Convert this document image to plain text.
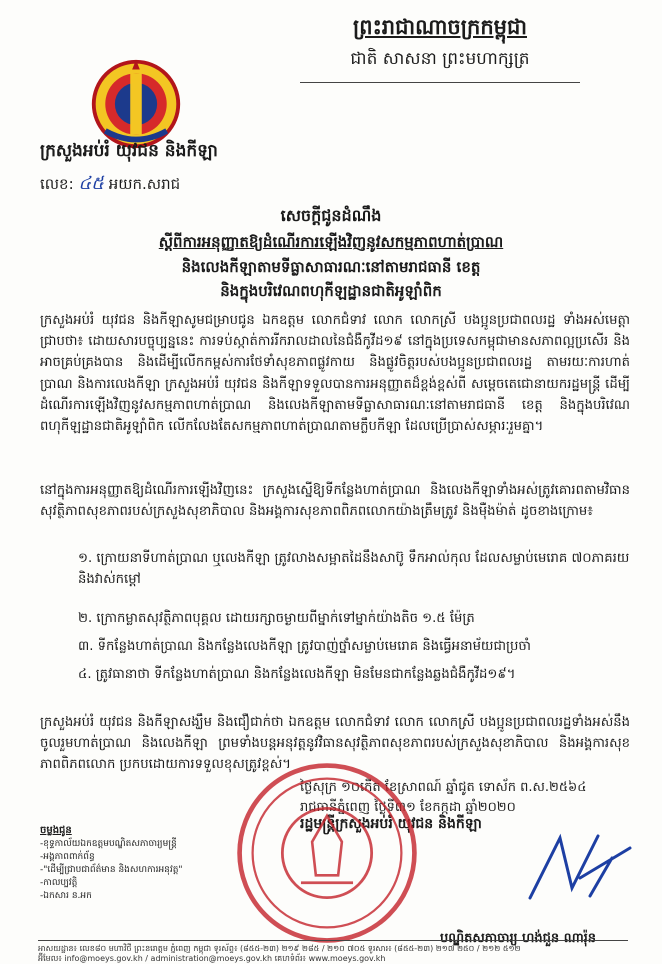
ព្រះរាជាណាចក្រកម្ពុជា
ជាតិ សាសនា ព្រះមហាក្សត្រ
ក្រសួងអប់រំ យុវជន និងកីឡា
លេខ: ៤៥ អយក.សរាជ
សេចក្តីជូនដំណឹង
ស្តីពីការអនុញ្ញាតឱ្យដំណើរការឡើងវិញនូវសកម្មភាពហាត់ប្រាណ
និងលេងកីឡាតាមទីធ្លាសាធារណៈនៅតាមរាជធានី ខេត្ត
និងក្នុងបរិវេណពហុកីឡដ្ឋានជាតិអូឡាំពិក
ក្រសួងអប់រំ យុវជន និងកីឡាសូមជម្រាបជូន ឯកឧត្តម លោកជំទាវ លោក លោកស្រី បងប្អូនប្រជាពលរដ្ឋ ទាំងអស់មេត្តាជ្រាបថា៖ ដោយសារបច្ចុប្បន្ននេះ ការទប់ស្កាត់ការរីករាលដាលនៃជំងឺកូវីដ១៩ នៅក្នុងប្រទេសកម្ពុជាមានសភាពល្អប្រសើរ និងអាចគ្រប់គ្រងបាន និងដើម្បីលើកកម្ពស់ការថែទាំសុខភាពផ្លូវកាយ និងផ្លូវចិត្តរបស់បងប្អូនប្រជាពលរដ្ឋ តាមរយៈការហាត់ប្រាណ និងការលេងកីឡា ក្រសួងអប់រំ យុវជន និងកីឡាទទួលបានការអនុញ្ញាតដ៏ខ្ពង់ខ្ពស់ពី សម្តេចតេជោនាយករដ្ឋមន្ត្រី ដើម្បីដំណើរការឡើងវិញនូវសកម្មភាពហាត់ប្រាណ និងលេងកីឡាតាមទីធ្លាសាធារណៈនៅតាមរាជធានី ខេត្ត និងក្នុងបរិវេណពហុកីឡដ្ឋានជាតិអូឡាំពិក លើកលែងតែសកម្មភាពហាត់ប្រាណតាមក្លឹបកីឡា ដែលប្រើប្រាស់សម្ភារៈរួមគ្នា។
នៅក្នុងការអនុញ្ញាតឱ្យដំណើរការឡើងវិញនេះ ក្រសួងស្នើឱ្យទីកន្លែងហាត់ប្រាណ និងលេងកីឡាទាំងអស់ត្រូវគោរពតាមវិធានសុវត្ថិភាពសុខភាពរបស់ក្រសួងសុខាភិបាល និងអង្គការសុខភាពពិភពលោកយ៉ាងត្រឹមត្រូវ និងម៉ឺងម៉ាត់ ដូចខាងក្រោម៖
១. ក្រោយនាទីហាត់ប្រាណ ឬលេងកីឡា ត្រូវលាងសម្អាតដៃនឹងសាប៊ូ ទឹកអាល់កុល ដែលសម្លាប់មេរោគ ៧០ភាគរយ និងវាស់កម្តៅ
២. ក្រោកម្លាតសុវត្ថិភាពបុគ្គល ដោយរក្សាចម្ងាយពីម្នាក់ទៅម្នាក់យ៉ាងតិច ១.៥ ម៉ែត្រ
៣. ទីកន្លែងហាត់ប្រាណ និងកន្លែងលេងកីឡា ត្រូវបាញ់ថ្នាំសម្លាប់មេរោគ និងធ្វើអនាម័យជាប្រចាំ
៤. ត្រូវធានាថា ទីកន្លែងហាត់ប្រាណ និងកន្លែងលេងកីឡា មិនមែនជាកន្លែងឆ្លងជំងឺកូវីដ១៩។
ក្រសួងអប់រំ យុវជន និងកីឡាសង្ឃឹម និងជឿជាក់ថា ឯកឧត្តម លោកជំទាវ លោក លោកស្រី បងប្អូនប្រជាពលរដ្ឋទាំងអស់នឹងចូលរួមហាត់ប្រាណ និងលេងកីឡា ព្រមទាំងបន្តអនុវត្តនូវវិធានសុវត្ថិភាពសុខភាពរបស់ក្រសួងសុខាភិបាល និងអង្គការសុខភាពពិភពលោក ប្រកបដោយការទទួលខុសត្រូវខ្ពស់។
ថ្ងៃសុក្រ ១០កើត ខែស្រាពណ៍ ឆ្នាំជូត ទោស័ក ព.ស.២៥៦៤
រាជធានីភ្នំពេញ ថ្ងៃទី៣១ ខែកក្កដា ឆ្នាំ២០២០
រដ្ឋមន្ត្រីក្រសួងអប់រំ យុវជន និងកីឡា
បណ្ឌិតសភាចារ្យ ហង់ជួន ណារ៉ុន
ចម្លងជូន
-ខុទ្ទកាល័យឯកឧត្តមបណ្ឌិតសភាចារ្យមន្ត្រី
-អង្គភាពពាក់ព័ន្ធ
-"ដើម្បីជ្រាបជាព័ត៌មាន និងសហការអនុវត្ត"
-កាលប្បវត្តិ
-ឯកសារ ន.អក
អាសយដ្ឋាន៖ លេខ៨០ មហាវិថី ព្រះនរោត្តម ភ្នំពេញ កម្ពុជា ទូរស័ព្ទ៖ (៨៥៥-២៣) ២១៩ ២៨៥ / ២១០ ៧០៥ ទូរសារ៖ (៨៥៥-២៣) ២១៧ ២៥០ / ២១២ ៥១២
អ៊ីមែល៖ info@moeys.gov.kh / administration@moeys.gov.kh គេហទំព័រ៖ www.moeys.gov.kh
